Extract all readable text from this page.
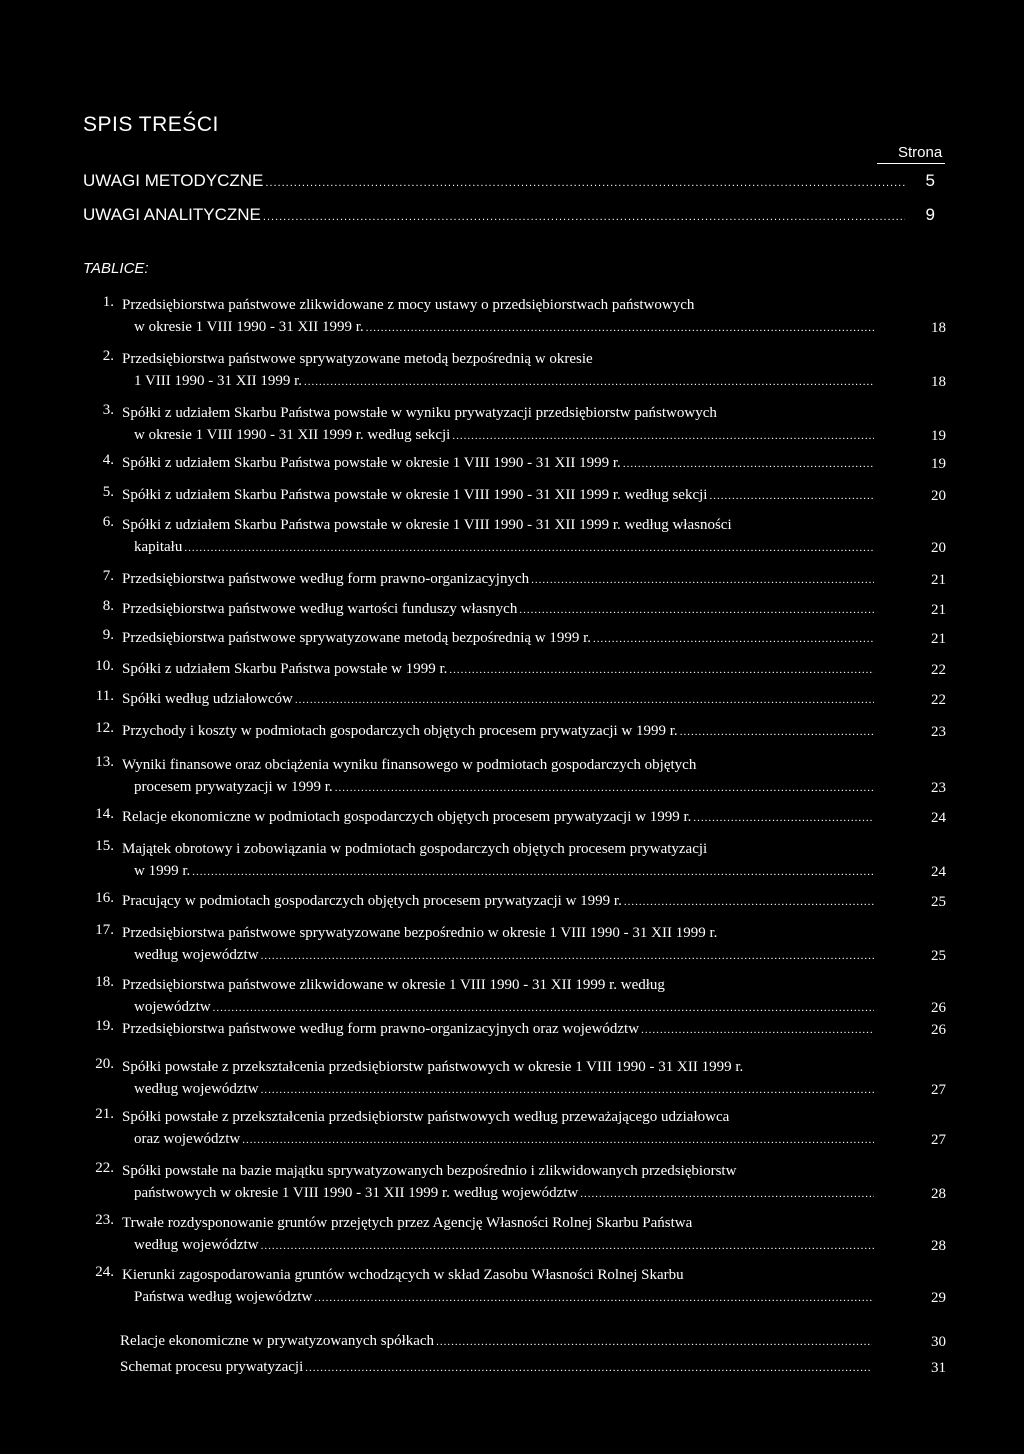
SPIS TREŚCI
Strona
UWAGI METODYCZNE .....	5
UWAGI ANALITYCZNE .....	9
TABLICE:
1. Przedsiębiorstwa państwowe zlikwidowane z mocy ustawy o przedsiębiorstwach państwowych
w okresie 1 VIII 1990 - 31 XII 1999 r. .....	18
2. Przedsiębiorstwa państwowe sprywatyzowane metodą bezpośrednią w okresie
1 VIII 1990 - 31 XII 1999 r. .....	18
3. Spółki z udziałem Skarbu Państwa powstałe w wyniku prywatyzacji przedsiębiorstw państwowych
w okresie 1 VIII 1990 - 31 XII 1999 r. według sekcji .....	19
4. Spółki z udziałem Skarbu Państwa powstałe w okresie 1 VIII 1990 - 31 XII 1999 r. .....	19
5. Spółki z udziałem Skarbu Państwa powstałe w okresie 1 VIII 1990 - 31 XII 1999 r. według sekcji .....	20
6. Spółki z udziałem Skarbu Państwa powstałe w okresie 1 VIII 1990 - 31 XII 1999 r. według własności
kapitału .....	20
7. Przedsiębiorstwa państwowe według form prawno-organizacyjnych .....	21
8. Przedsiębiorstwa państwowe według wartości funduszy własnych .....	21
9. Przedsiębiorstwa państwowe sprywatyzowane metodą bezpośrednią w 1999 r. .....	21
10. Spółki z udziałem Skarbu Państwa powstałe w 1999 r. .....	22
11. Spółki według udziałowców .....	22
12. Przychody i koszty w podmiotach gospodarczych objętych procesem prywatyzacji w 1999 r. .....	23
13. Wyniki finansowe oraz obciążenia wyniku finansowego w podmiotach gospodarczych objętych
procesem prywatyzacji w 1999 r. .....	23
14. Relacje ekonomiczne w podmiotach gospodarczych objętych procesem prywatyzacji w 1999 r. .....	24
15. Majątek obrotowy i zobowiązania w podmiotach gospodarczych objętych procesem prywatyzacji
w 1999 r. .....	24
16. Pracujący w podmiotach gospodarczych objętych procesem prywatyzacji w 1999 r. .....	25
17. Przedsiębiorstwa państwowe sprywatyzowane bezpośrednio w okresie 1 VIII 1990 - 31 XII 1999 r.
według województw .....	25
18. Przedsiębiorstwa państwowe zlikwidowane w okresie 1 VIII 1990 - 31 XII 1999 r. według
województw .....	26
19. Przedsiębiorstwa państwowe według form prawno-organizacyjnych oraz województw .....	26
20. Spółki powstałe z przekształcenia przedsiębiorstw państwowych w okresie 1 VIII 1990 - 31 XII 1999 r.
według województw .....	27
21. Spółki powstałe z przekształcenia przedsiębiorstw państwowych według przeważającego udziałowca
oraz województw .....	27
22. Spółki powstałe na bazie majątku sprywatyzowanych bezpośrednio i zlikwidowanych przedsiębiorstw
państwowych w okresie 1 VIII 1990 - 31 XII 1999 r. według województw .....	28
23. Trwałe rozdysponowanie gruntów przejętych przez Agencję Własności Rolnej Skarbu Państwa
według województw .....	28
24. Kierunki zagospodarowania gruntów wchodzących w skład Zasobu Własności Rolnej Skarbu
Państwa według województw .....	29
Relacje ekonomiczne w prywatyzowanych spółkach .....	30
Schemat procesu prywatyzacji .....	31
